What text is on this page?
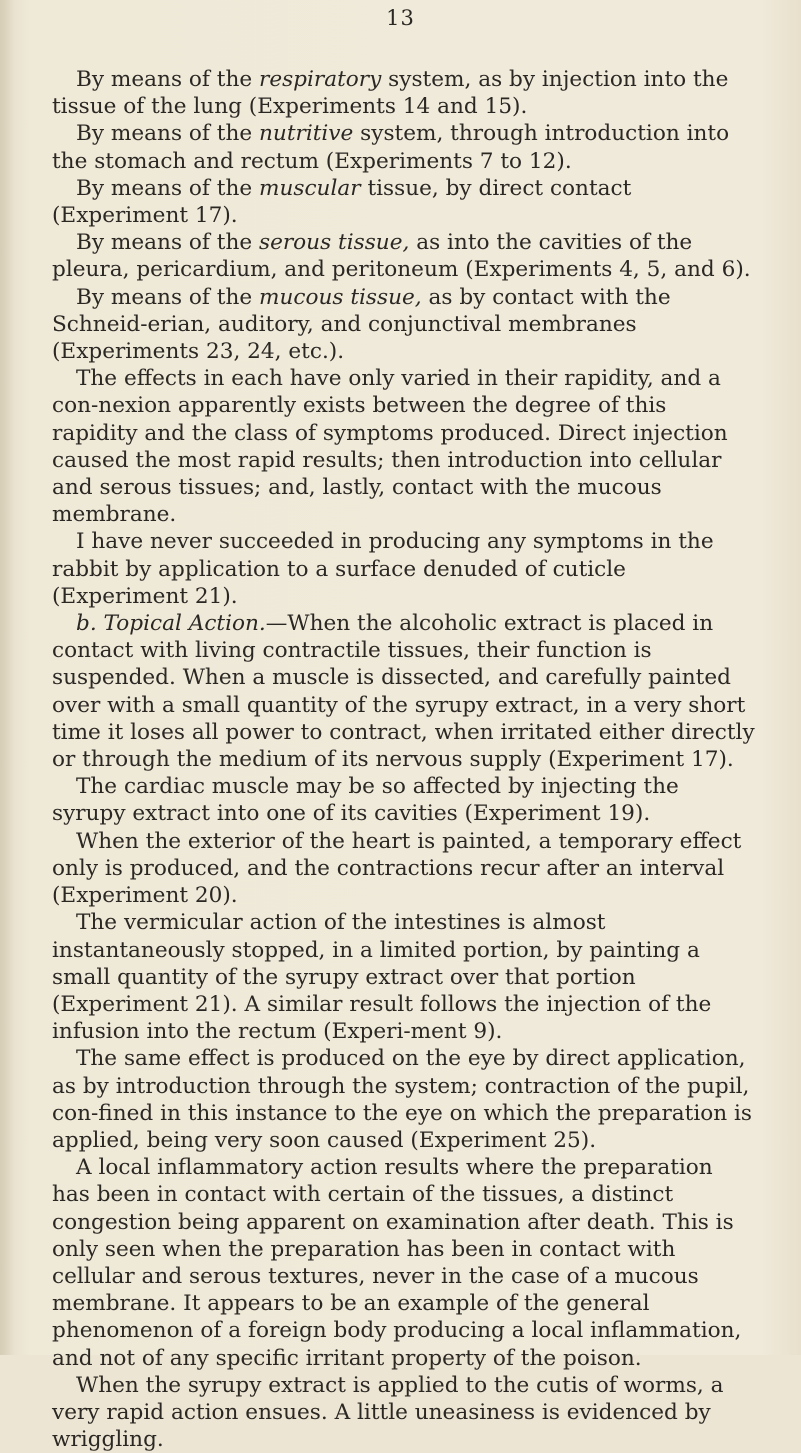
13

By means of the respiratory system, as by injection into the tissue of the lung (Experiments 14 and 15).

By means of the nutritive system, through introduction into the stomach and rectum (Experiments 7 to 12).

By means of the muscular tissue, by direct contact (Experiment 17).

By means of the serous tissue, as into the cavities of the pleura, pericardium, and peritoneum (Experiments 4, 5, and 6).

By means of the mucous tissue, as by contact with the Schneid-erian, auditory, and conjunctival membranes (Experiments 23, 24, etc.).

The effects in each have only varied in their rapidity, and a con-nexion apparently exists between the degree of this rapidity and the class of symptoms produced. Direct injection caused the most rapid results; then introduction into cellular and serous tissues; and, lastly, contact with the mucous membrane.

I have never succeeded in producing any symptoms in the rabbit by application to a surface denuded of cuticle (Experiment 21).

b. Topical Action.—When the alcoholic extract is placed in contact with living contractile tissues, their function is suspended. When a muscle is dissected, and carefully painted over with a small quantity of the syrupy extract, in a very short time it loses all power to contract, when irritated either directly or through the medium of its nervous supply (Experiment 17).

The cardiac muscle may be so affected by injecting the syrupy extract into one of its cavities (Experiment 19).

When the exterior of the heart is painted, a temporary effect only is produced, and the contractions recur after an interval (Experiment 20).

The vermicular action of the intestines is almost instantaneously stopped, in a limited portion, by painting a small quantity of the syrupy extract over that portion (Experiment 21). A similar result follows the injection of the infusion into the rectum (Experi-ment 9).

The same effect is produced on the eye by direct application, as by introduction through the system; contraction of the pupil, con-fined in this instance to the eye on which the preparation is applied, being very soon caused (Experiment 25).

A local inflammatory action results where the preparation has been in contact with certain of the tissues, a distinct congestion being apparent on examination after death. This is only seen when the preparation has been in contact with cellular and serous textures, never in the case of a mucous membrane. It appears to be an example of the general phenomenon of a foreign body producing a local inflammation, and not of any specific irritant property of the poison.

When the syrupy extract is applied to the cutis of worms, a very rapid action ensues. A little uneasiness is evidenced by wriggling.
